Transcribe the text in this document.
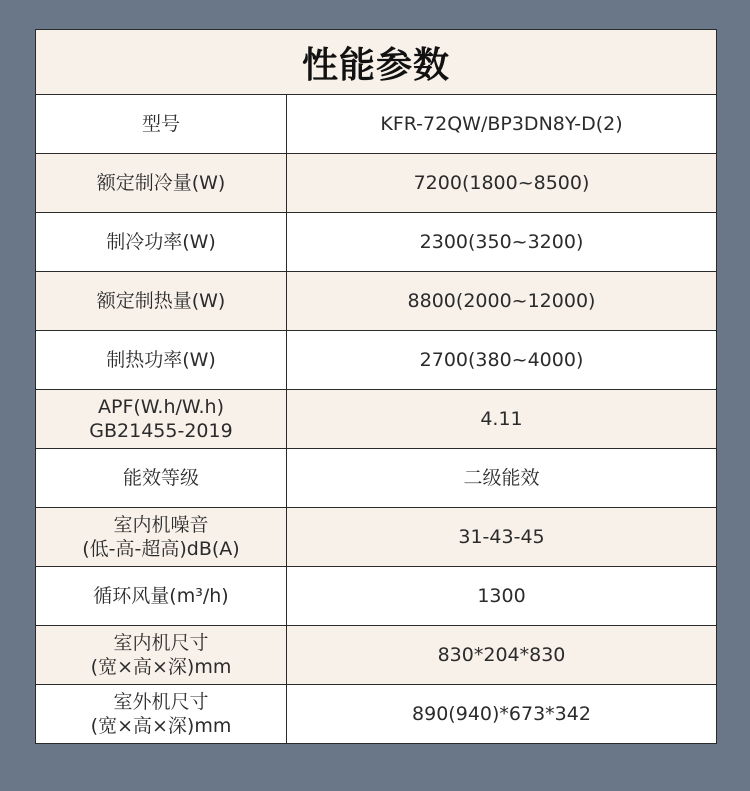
性能参数
型号	KFR-72QW/BP3DN8Y-D(2)

额定制冷量(W)	7200(1800~8500)

制冷功率(W)	2300(350~3200)

额定制热量(W)	8800(2000~12000)

制热功率(W)	2700(380~4000)

APF(W.h/W.h)
GB21455-2019	4.11

能效等级	二级能效

室内机噪音
(低-高-超高)dB(A)	31-43-45

循环风量(m³/h)	1300

室内机尺寸
(宽×高×深)mm	830*204*830

室外机尺寸
(宽×高×深)mm	890(940)*673*342
